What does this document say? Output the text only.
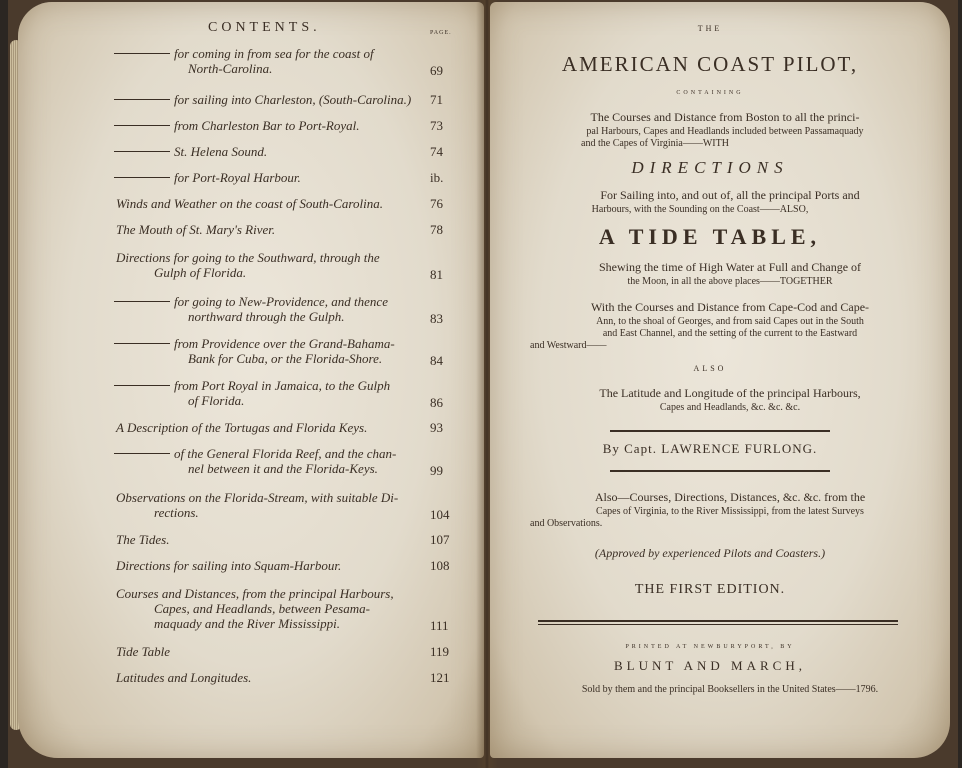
CONTENTS.	PAGE.
for coming in from sea for the coast of
North-Carolina.	69
for sailing into Charleston, (South-Carolina.) 71
from Charleston Bar to Port-Royal.	73
St. Helena Sound.	74
for Port-Royal Harbour.	ib.
Winds and Weather on the coast of South-Carolina.	76
The Mouth of St. Mary's River.	78
Directions for going to the Southward, through the
Gulph of Florida.	81
for going to New-Providence, and thence
northward through the Gulph.	83
from Providence over the Grand-Bahama-
Bank for Cuba, or the Florida-Shore.	84
from Port Royal in Jamaica, to the Gulph
of Florida.	86
A Description of the Tortugas and Florida Keys.	93
of the General Florida Reef, and the chan-
nel between it and the Florida-Keys.	99
Observations on the Florida-Stream, with suitable Di-
rections.	104
The Tides.	107
Directions for sailing into Squam-Harbour.	108
Courses and Distances, from the principal Harbours,
Capes, and Headlands, between Pesama-
maquady and the River Mississippi.	111
Tide Table	119
Latitudes and Longitudes.	121
THE
AMERICAN COAST PILOT,
CONTAINING
The Courses and Distance from Boston to all the princi-
pal Harbours, Capes and Headlands included between Passamaquady
and the Capes of Virginia——WITH
DIRECTIONS
For Sailing into, and out of, all the principal Ports and
Harbours, with the Sounding on the Coast——ALSO,
A TIDE TABLE,
Shewing the time of High Water at Full and Change of
the Moon, in all the above places——TOGETHER
With the Courses and Distance from Cape-Cod and Cape-
Ann, to the shoal of Georges, and from said Capes out in the South
and East Channel, and the setting of the current to the Eastward
and Westward——
ALSO
The Latitude and Longitude of the principal Harbours,
Capes and Headlands, &c. &c. &c.
By Capt. LAWRENCE FURLONG.
Also—Courses, Directions, Distances, &c. &c. from the
Capes of Virginia, to the River Mississippi, from the latest Surveys
and Observations.
(Approved by experienced Pilots and Coasters.)
THE FIRST EDITION.
PRINTED AT NEWBURYPORT, BY
BLUNT AND MARCH,
Sold by them and the principal Booksellers in the United States——1796.
